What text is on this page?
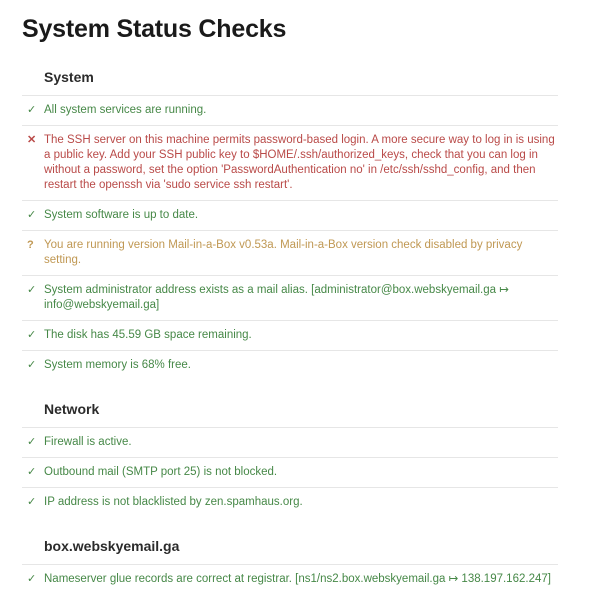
System Status Checks
System
✓ All system services are running.
✕ The SSH server on this machine permits password-based login. A more secure way to log in is using a public key. Add your SSH public key to $HOME/.ssh/authorized_keys, check that you can log in without a password, set the option 'PasswordAuthentication no' in /etc/ssh/sshd_config, and then restart the openssh via 'sudo service ssh restart'.
✓ System software is up to date.
? You are running version Mail-in-a-Box v0.53a. Mail-in-a-Box version check disabled by privacy setting.
✓ System administrator address exists as a mail alias. [administrator@box.webskyemail.ga ↦ info@webskyemail.ga]
✓ The disk has 45.59 GB space remaining.
✓ System memory is 68% free.
Network
✓ Firewall is active.
✓ Outbound mail (SMTP port 25) is not blocked.
✓ IP address is not blacklisted by zen.spamhaus.org.
box.webskyemail.ga
✓ Nameserver glue records are correct at registrar. [ns1/ns2.box.webskyemail.ga ↦ 138.197.162.247]
